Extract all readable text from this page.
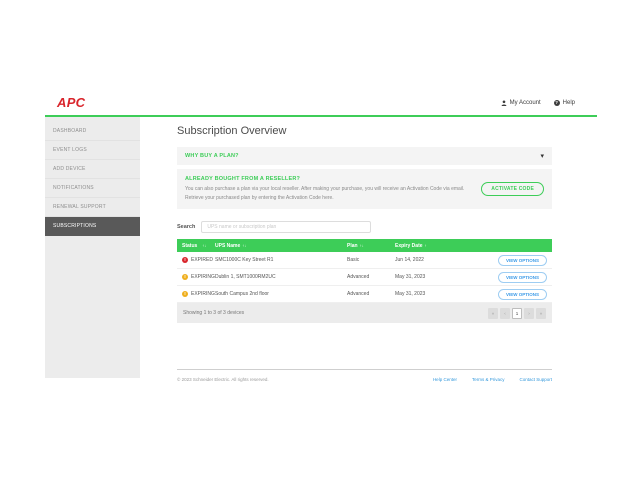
APC	My Account	? Help
DASHBOARD
EVENT LOGS
ADD DEVICE
NOTIFICATIONS
RENEWAL SUPPORT
SUBSCRIPTIONS
Subscription Overview
WHY BUY A PLAN?	▾
ALREADY BOUGHT FROM A RESELLER?
You can also purchase a plan via your local reseller. After making your purchase, you will receive an Activation Code via email. Retrieve your purchased plan by entering the Activation Code here.
ACTIVATE CODE
Search
UPS name or subscription plan
Status ↑↓ UPS Name ↑↓	Plan ↑↓	Expiry Date ↑
!	EXPIRED SMC1000C Key Street R1	Basic	Jun 14, 2022	VIEW OPTIONS
!	EXPIRING Dublin 1, SMT1000RM2UC	Advanced	May 31, 2023	VIEW OPTIONS
!	EXPIRING South Campus 2nd floor	Advanced	May 31, 2023	VIEW OPTIONS
Showing 1 to 3 of 3 devices	«	‹	1	›	»
© 2023 Schneider Electric. All rights reserved.	Help Center	Terms & Privacy	Contact Support
